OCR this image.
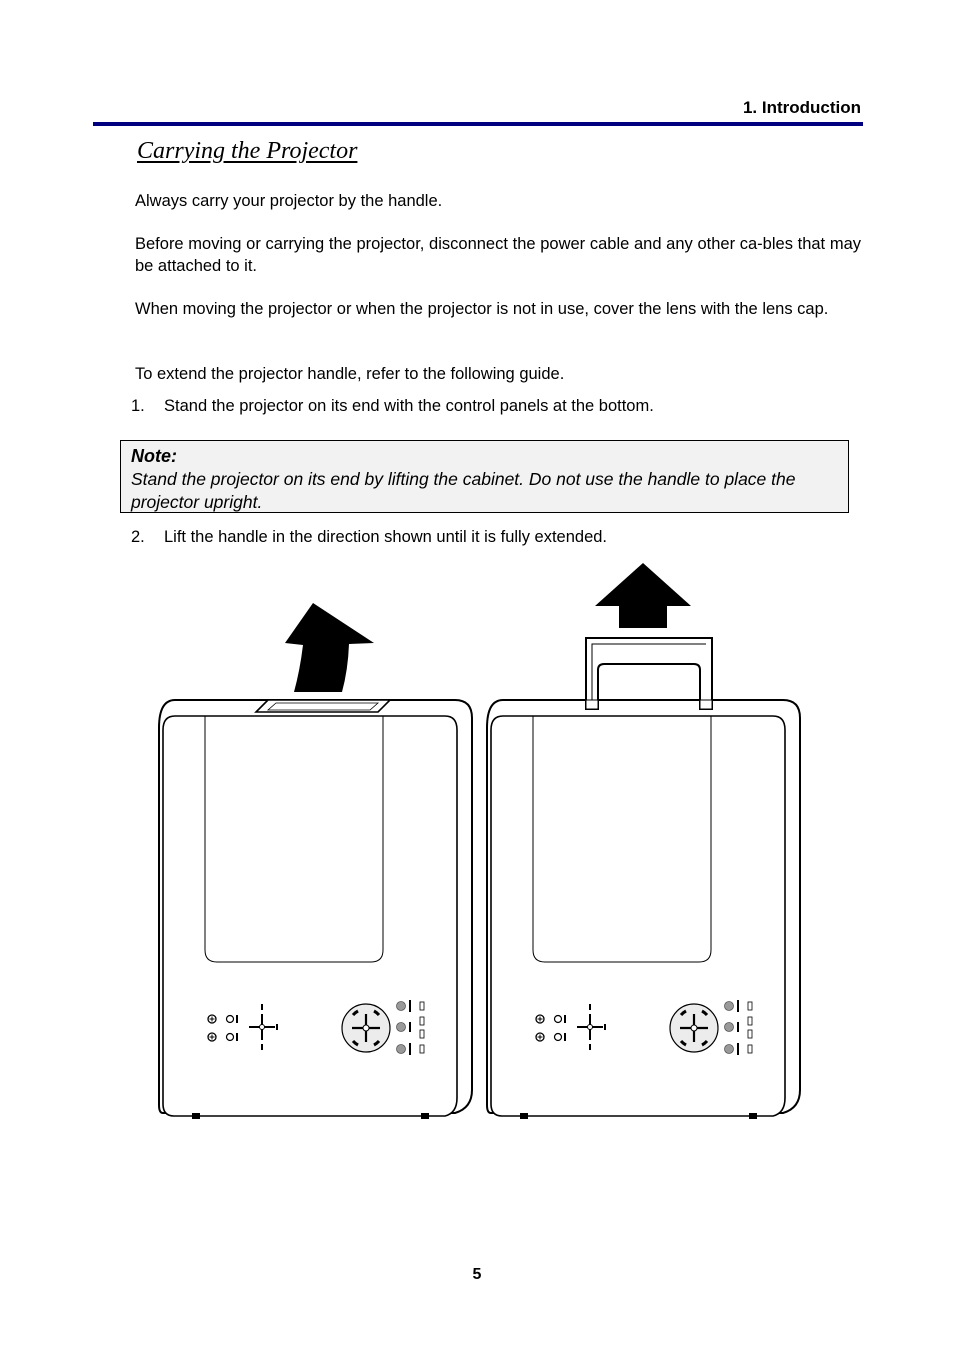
1. Introduction
Carrying the Projector
Always carry your projector by the handle.
Before moving or carrying the projector, disconnect the power cable and any other ca-bles that may be attached to it.
When moving the projector or when the projector is not in use, cover the lens with the lens cap.
To extend the projector handle, refer to the following guide.
1. Stand the projector on its end with the control panels at the bottom.
Note:
Stand the projector on its end by lifting the cabinet. Do not use the handle to place the projector upright.
2. Lift the handle in the direction shown until it is fully extended.
5
